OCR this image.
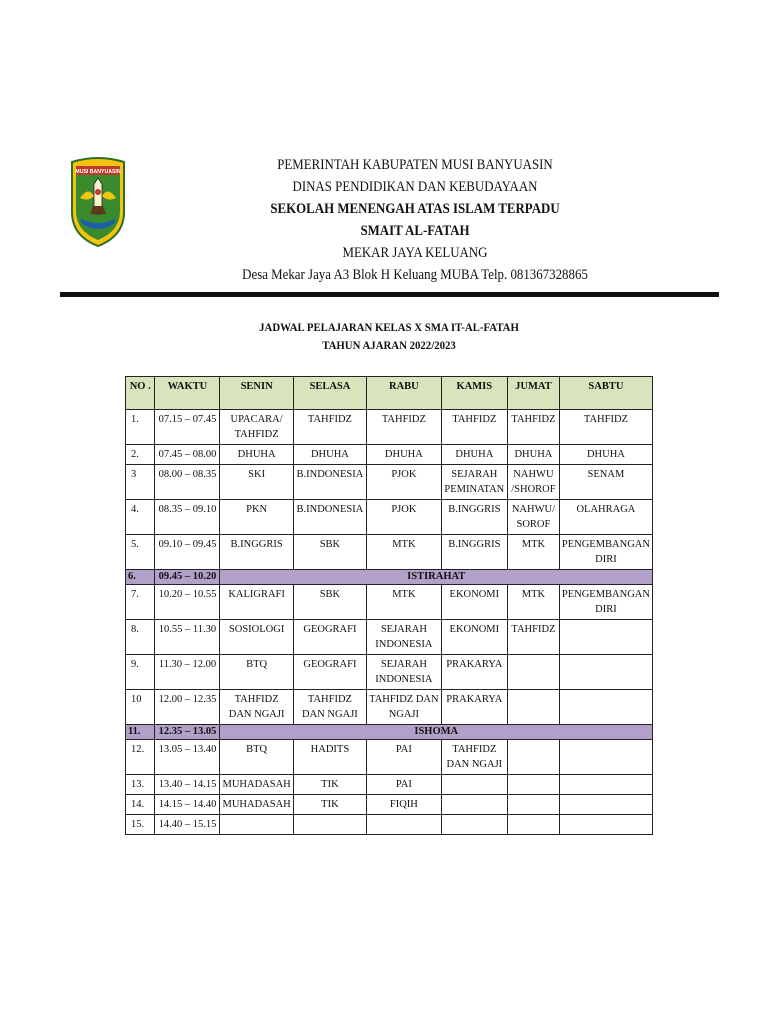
MUSI BANYUASIN	PEMERINTAH KABUPATEN MUSI BANYUASIN
DINAS PENDIDIKAN DAN KEBUDAYAAN
SEKOLAH MENENGAH ATAS ISLAM TERPADU
SMAIT AL-FATAH
MEKAR JAYA KELUANG
Desa Mekar Jaya A3 Blok H Keluang MUBA Telp. 081367328865
JADWAL PELAJARAN KELAS X SMA IT-AL-FATAH
TAHUN AJARAN 2022/2023
NO .	WAKTU	SENIN	SELASA	RABU	KAMIS	JUMAT	SABTU
1.	07.15 – 07.45	UPACARA/ TAHFIDZ	TAHFIDZ	TAHFIDZ	TAHFIDZ	TAHFIDZ	TAHFIDZ
2.	07.45 – 08.00	DHUHA	DHUHA	DHUHA	DHUHA	DHUHA	DHUHA
3	08.00 – 08.35	SKI	B.INDONESIA	PJOK	SEJARAH PEMINATAN	NAHWU /SHOROF	SENAM
4.	08.35 – 09.10	PKN	B.INDONESIA	PJOK	B.INGGRIS	NAHWU/ SOROF	OLAHRAGA
5.	09.10 – 09.45	B.INGGRIS	SBK	MTK	B.INGGRIS	MTK	PENGEMBANGAN DIRI
6.	09.45 – 10.20	ISTIRAHAT					
7.	10.20 – 10.55	KALIGRAFI	SBK	MTK	EKONOMI	MTK	PENGEMBANGAN DIRI
8.	10.55 – 11.30	SOSIOLOGI	GEOGRAFI	SEJARAH INDONESIA	EKONOMI	TAHFIDZ	
9.	11.30 – 12.00	BTQ	GEOGRAFI	SEJARAH INDONESIA	PRAKARYA		
10	12.00 – 12.35	TAHFIDZ DAN NGAJI	TAHFIDZ DAN NGAJI	TAHFIDZ DAN NGAJI	PRAKARYA		
11.	12.35 – 13.05	ISHOMA					
12.	13.05 – 13.40	BTQ	HADITS	PAI	TAHFIDZ DAN NGAJI		
13.	13.40 – 14.15	MUHADASAH	TIK	PAI			
14.	14.15 – 14.40	MUHADASAH	TIK	FIQIH			
15.	14.40 – 15.15						
